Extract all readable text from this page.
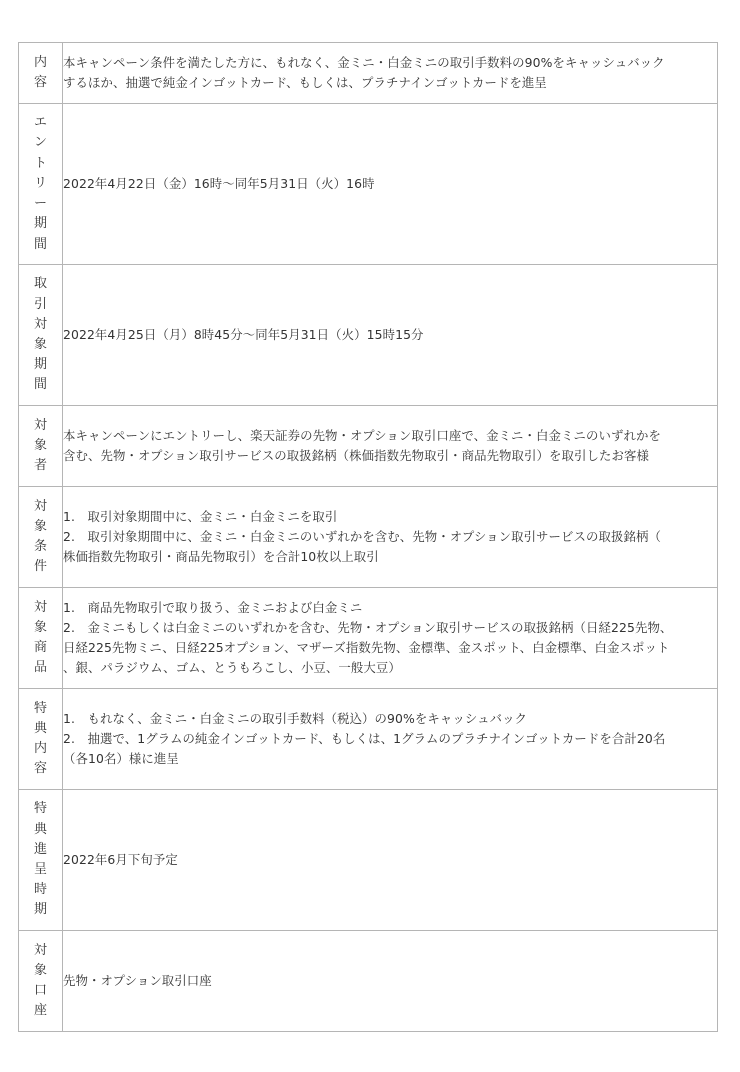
内容	本キャンペーン条件を満たした方に、もれなく、金ミニ・白金ミニの取引手数料の90%をキャッシュバック
するほか、抽選で純金インゴットカード、もしくは、プラチナインゴットカードを進呈

エントリー期間	2022年4月22日（金）16時〜同年5月31日（火）16時

取引対象期間	2022年4月25日（月）8時45分〜同年5月31日（火）15時15分

対象者	本キャンペーンにエントリーし、楽天証券の先物・オプション取引口座で、金ミニ・白金ミニのいずれかを
含む、先物・オプション取引サービスの取扱銘柄（株価指数先物取引・商品先物取引）を取引したお客様

対象条件	1.　取引対象期間中に、金ミニ・白金ミニを取引
2.　取引対象期間中に、金ミニ・白金ミニのいずれかを含む、先物・オプション取引サービスの取扱銘柄（
株価指数先物取引・商品先物取引）を合計10枚以上取引

対象商品	1.　商品先物取引で取り扱う、金ミニおよび白金ミニ
2.　金ミニもしくは白金ミニのいずれかを含む、先物・オプション取引サービスの取扱銘柄（日経225先物、
日経225先物ミニ、日経225オプション、マザーズ指数先物、金標準、金スポット、白金標準、白金スポット
、銀、パラジウム、ゴム、とうもろこし、小豆、一般大豆）

特典内容	1.　もれなく、金ミニ・白金ミニの取引手数料（税込）の90%をキャッシュバック
2.　抽選で、1グラムの純金インゴットカード、もしくは、1グラムのプラチナインゴットカードを合計20名
（各10名）様に進呈

特典進呈時期	2022年6月下旬予定

対象口座	先物・オプション取引口座
